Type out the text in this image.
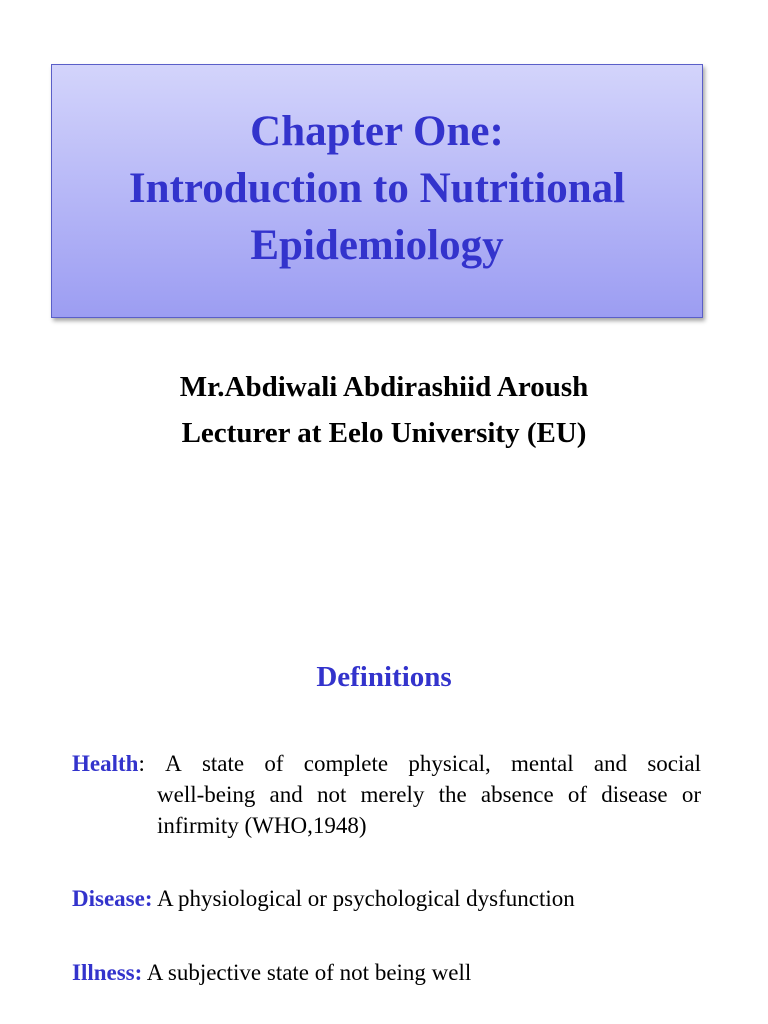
Chapter One:
Introduction to Nutritional
Epidemiology
Mr.Abdiwali Abdirashiid Aroush
Lecturer at Eelo University (EU)
Definitions
Health: A state of complete physical, mental and social
well-being and not merely the absence of disease or
infirmity (WHO,1948)
Disease: A physiological or psychological dysfunction
Illness: A subjective state of not being well
